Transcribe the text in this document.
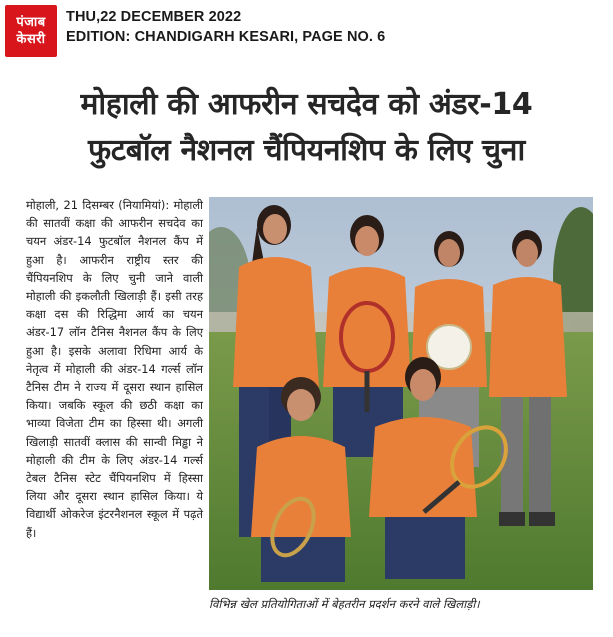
पंजाब
केसरी
THU,22 DECEMBER 2022
EDITION: CHANDIGARH KESARI, PAGE NO. 6
मोहाली की आफरीन सचदेव को अंडर-14
फुटबॉल नैशनल चैंपियनशिप के लिए चुना

मोहाली, 21 दिसम्बर (नियामियां): मोहाली की सातवीं कक्षा की आफरीन सचदेव का चयन अंडर-14 फुटबॉल नैशनल कैंप में हुआ है। आफरीन राष्ट्रीय स्तर की चैंपियनशिप के लिए चुनी जाने वाली मोहाली की इकलौती खिलाड़ी हैं। इसी तरह कक्षा दस की रिद्धिमा आर्य का चयन अंडर-17 लॉन टैनिस नैशनल कैंप के लिए हुआ है। इसके अलावा रिधिमा आर्य के नेतृत्व में मोहाली की अंडर-14 गर्ल्स लॉन टैनिस टीम ने राज्य में दूसरा स्थान हासिल किया। जबकि स्कूल की छठी कक्षा का भाव्या विजेता टीम का हिस्सा थी। अगली खिलाड़ी सातवीं क्लास की सान्वी मिड्ढा ने मोहाली की टीम के लिए अंडर-14 गर्ल्स टेबल टैनिस स्टेट चैंपियनशिप में हिस्सा लिया और दूसरा स्थान हासिल किया। ये विद्यार्थी ओकरेज इंटरनैशनल स्कूल में पढ़ते हैं।

विभिन्न खेल प्रतियोगिताओं में बेहतरीन प्रदर्शन करने वाले खिलाड़ी।
